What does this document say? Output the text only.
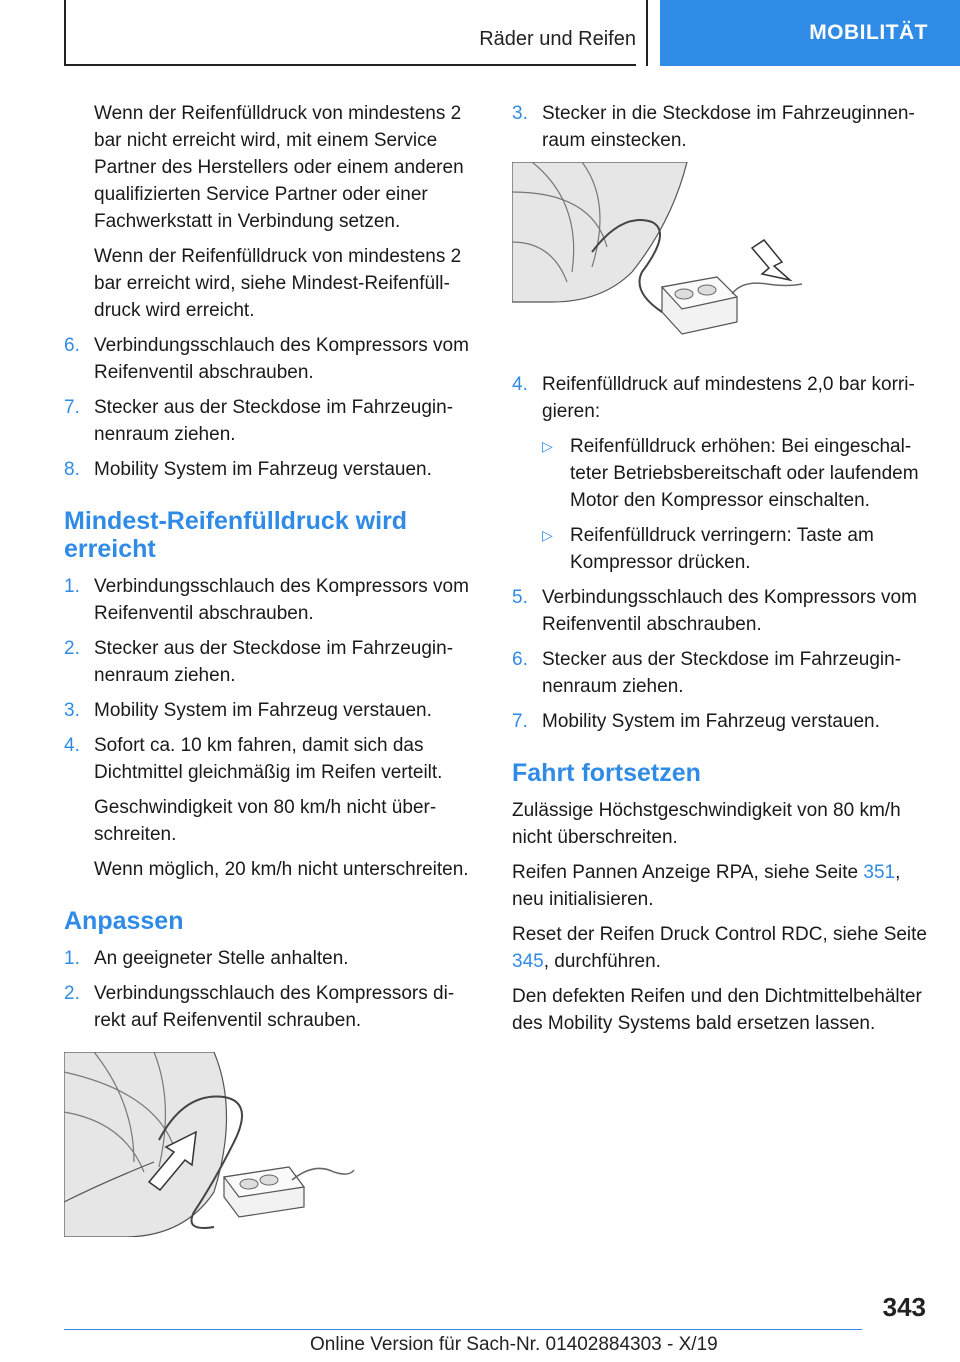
Räder und Reifen	MOBILITÄT

Wenn der Reifenfülldruck von mindestens 2 bar nicht erreicht wird, mit einem Service Partner des Herstellers oder einem anderen qualifizierten Service Partner oder einer Fachwerkstatt in Verbindung setzen.

Wenn der Reifenfülldruck von mindestens 2 bar erreicht wird, siehe Mindest-Reifenfülldruck wird erreicht.

6. Verbindungsschlauch des Kompressors vom Reifenventil abschrauben.
7. Stecker aus der Steckdose im Fahrzeuginnenraum ziehen.
8. Mobility System im Fahrzeug verstauen.
Mindest-Reifenfülldruck wird erreicht
1. Verbindungsschlauch des Kompressors vom Reifenventil abschrauben.
2. Stecker aus der Steckdose im Fahrzeuginnenraum ziehen.
3. Mobility System im Fahrzeug verstauen.
4. Sofort ca. 10 km fahren, damit sich das Dichtmittel gleichmäßig im Reifen verteilt.

Geschwindigkeit von 80 km/h nicht überschreiten.

Wenn möglich, 20 km/h nicht unterschreiten.

Anpassen
1. An geeigneter Stelle anhalten.
2. Verbindungsschlauch des Kompressors direkt auf Reifenventil schrauben.
3. Stecker in die Steckdose im Fahrzeuginnenraum einstecken.
4. Reifenfülldruck auf mindestens 2,0 bar korrigieren:
▷ Reifenfülldruck erhöhen: Bei eingeschalteter Betriebsbereitschaft oder laufendem Motor den Kompressor einschalten.
▷ Reifenfülldruck verringern: Taste am Kompressor drücken.
5. Verbindungsschlauch des Kompressors vom Reifenventil abschrauben.
6. Stecker aus der Steckdose im Fahrzeuginnenraum ziehen.
7. Mobility System im Fahrzeug verstauen.
Fahrt fortsetzen

Zulässige Höchstgeschwindigkeit von 80 km/h nicht überschreiten.

Reifen Pannen Anzeige RPA, siehe Seite 351, neu initialisieren.

Reset der Reifen Druck Control RDC, siehe Seite 345, durchführen.

Den defekten Reifen und den Dichtmittelbehälter des Mobility Systems bald ersetzen lassen.

343
Online Version für Sach-Nr. 01402884303 - X/19
